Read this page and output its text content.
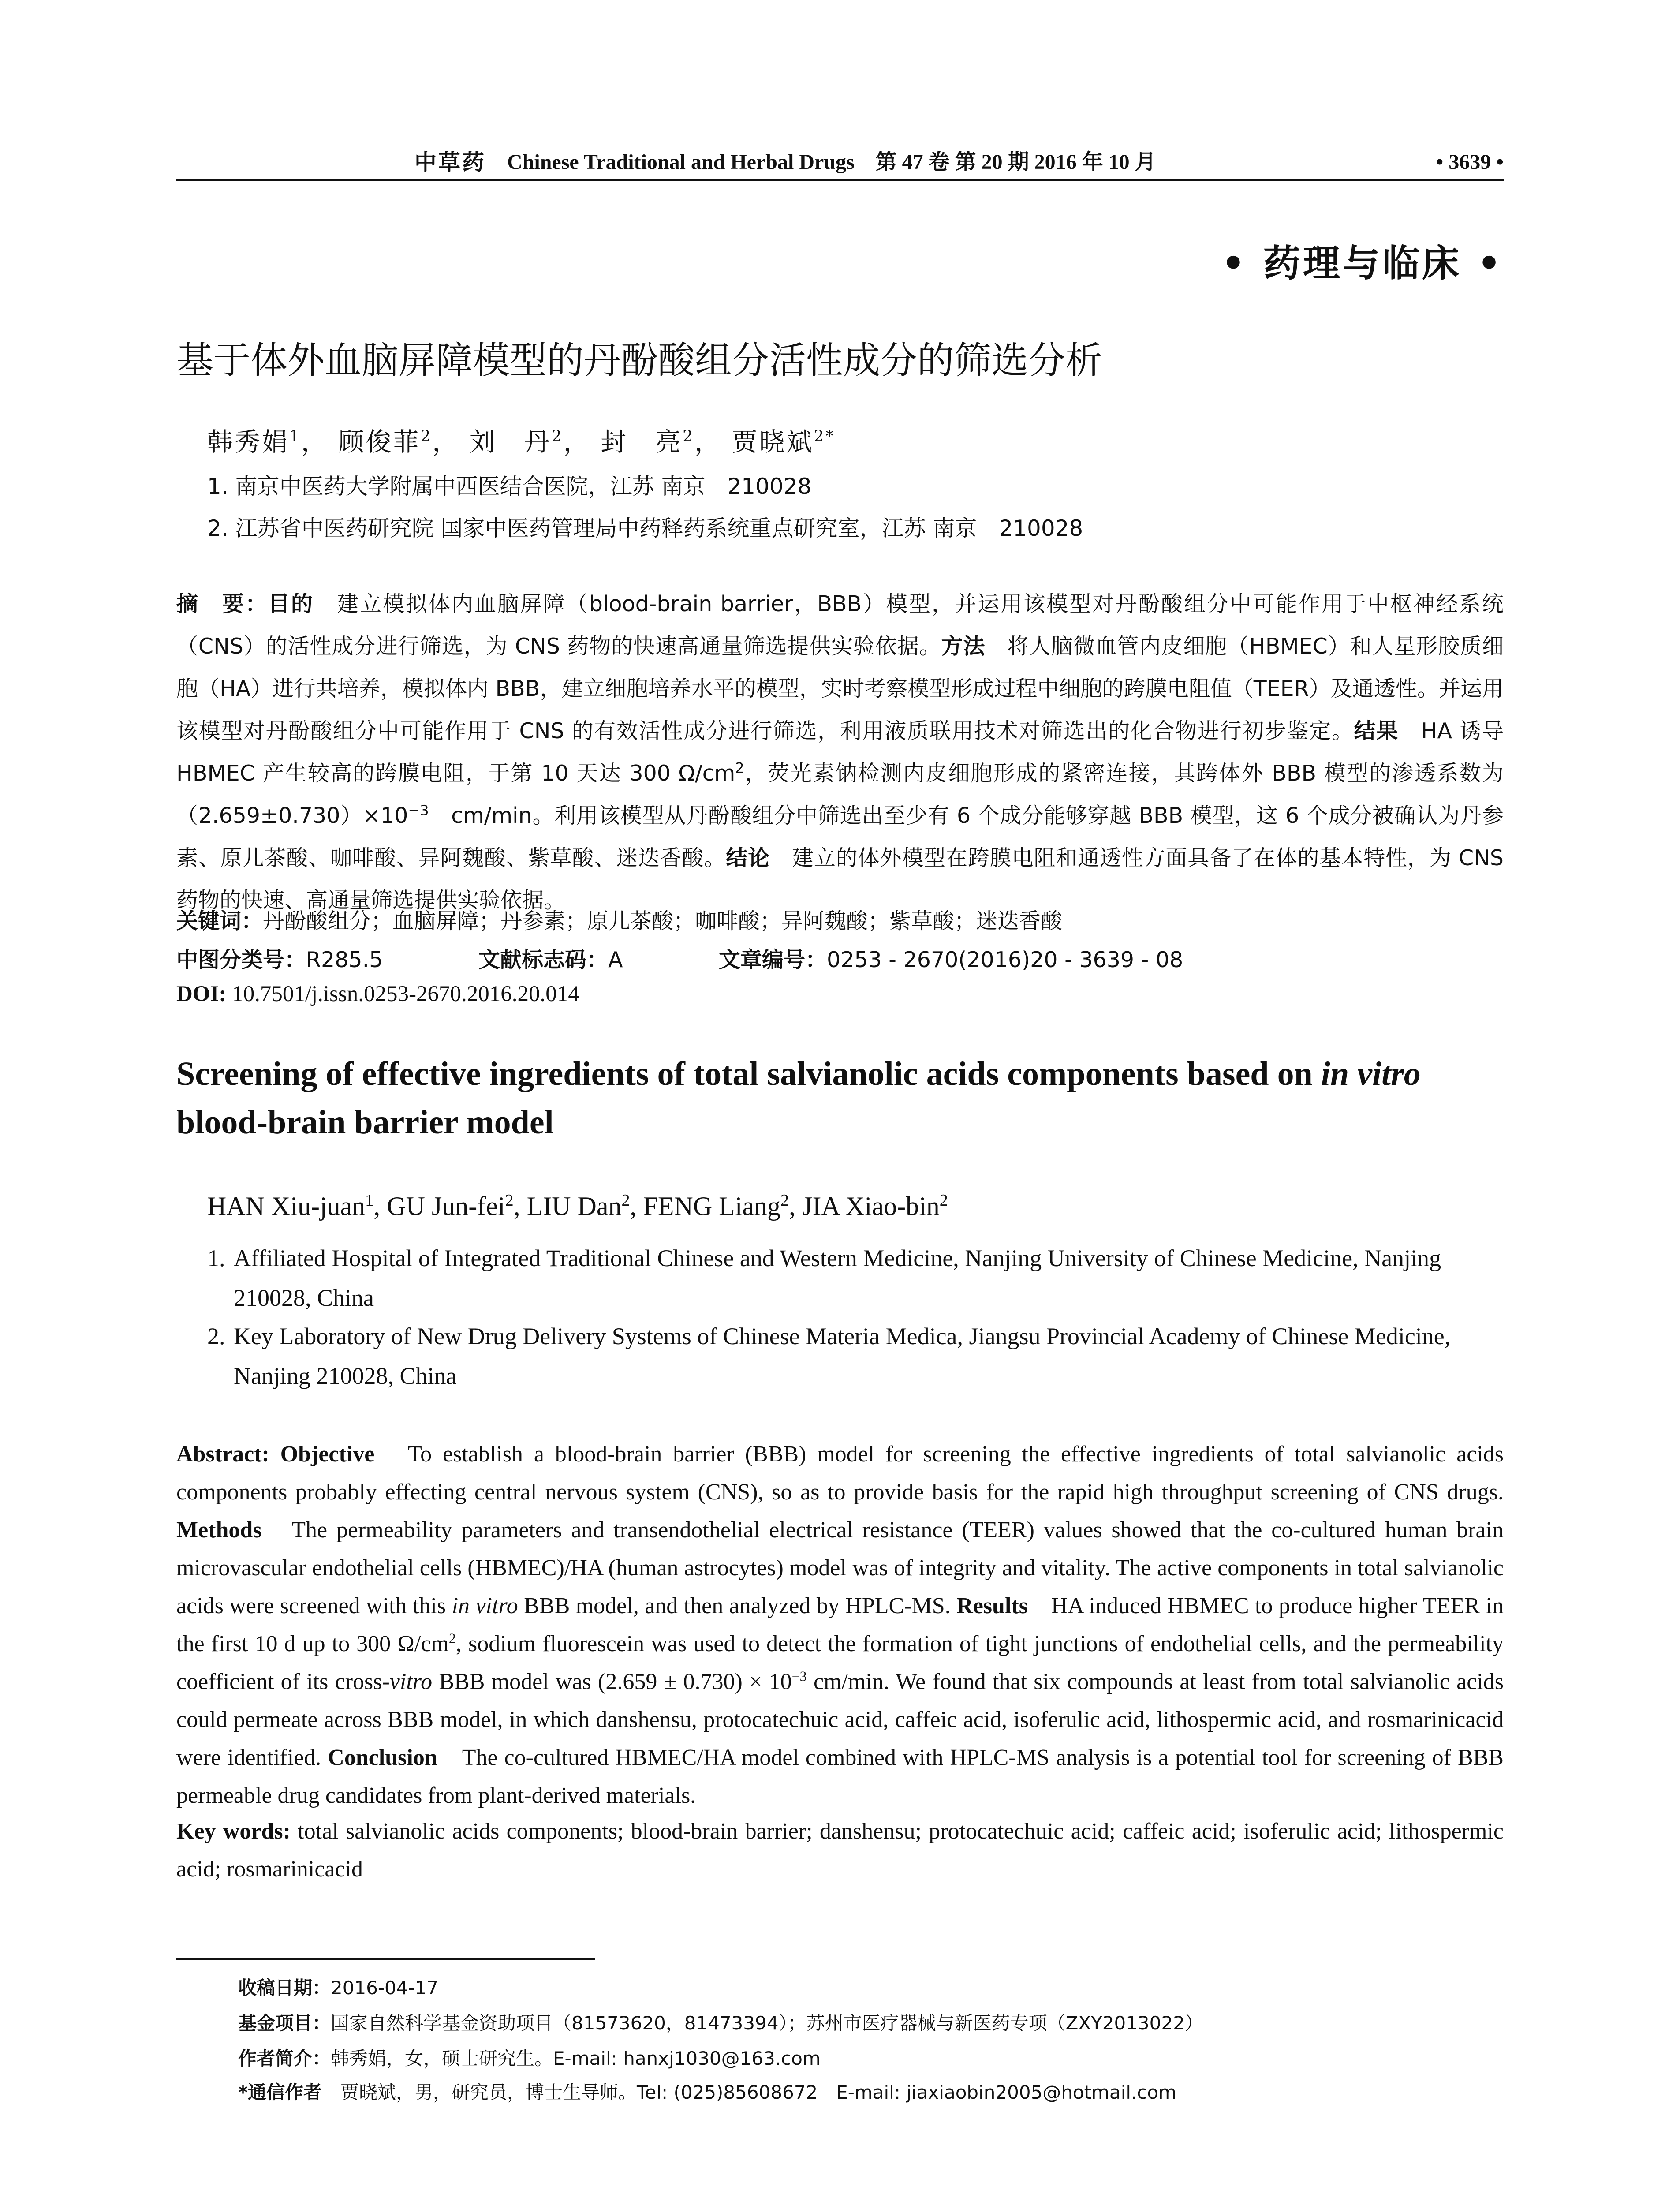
中草药 Chinese Traditional and Herbal Drugs　第 47 卷 第 20 期 2016 年 10 月	• 3639 •
• 药理与临床 •
基于体外血脑屏障模型的丹酚酸组分活性成分的筛选分析
韩秀娟$^1$， 顾俊菲$^2$， 刘　丹$^2$， 封　亮$^2$， 贾晓斌$^{2*}$
1. 南京中医药大学附属中西医结合医院，江苏 南京　210028
2. 江苏省中医药研究院 国家中医药管理局中药释药系统重点研究室，江苏 南京　210028
摘　要：目的　建立模拟体内血脑屏障（blood-brain barrier，BBB）模型，并运用该模型对丹酚酸组分中可能作用于中枢神经系统（CNS）的活性成分进行筛选，为 CNS 药物的快速高通量筛选提供实验依据。方法　将人脑微血管内皮细胞（HBMEC）和人星形胶质细胞（HA）进行共培养，模拟体内 BBB，建立细胞培养水平的模型，实时考察模型形成过程中细胞的跨膜电阻值（TEER）及通透性。并运用该模型对丹酚酸组分中可能作用于 CNS 的有效活性成分进行筛选，利用液质联用技术对筛选出的化合物进行初步鉴定。结果　HA 诱导 HBMEC 产生较高的跨膜电阻，于第 10 天达 300 $\Omega/cm^2$，荧光素钠检测内皮细胞形成的紧密连接，其跨体外 BBB 模型的渗透系数为$(2.659\pm 0.730)\times 10^{-3}$　cm/min。利用该模型从丹酚酸组分中筛选出至少有 6 个成分能够穿越 BBB 模型，这 6 个成分被确认为丹参素、原儿茶酸、咖啡酸、异阿魏酸、紫草酸、迷迭香酸。结论　建立的体外模型在跨膜电阻和通透性方面具备了在体的基本特性，为 CNS 药物的快速、高通量筛选提供实验依据。
关键词：丹酚酸组分；血脑屏障；丹参素；原儿茶酸；咖啡酸；异阿魏酸；紫草酸；迷迭香酸
中图分类号：R285.5	文献标志码：A	文章编号：0253 - 2670(2016)20 - 3639 - 08
DOI: 10.7501/j.issn.0253-2670.2016.20.014
Screening of effective ingredients of total salvianolic acids components based on in vitro blood-brain barrier model
HAN Xiu-juan$^1$, GU Jun-fei$^2$, LIU Dan$^2$, FENG Liang$^2$, JIA Xiao-bin$^2$
1. Affiliated Hospital of Integrated Traditional Chinese and Western Medicine, Nanjing University of Chinese Medicine, Nanjing
210028, China
2. Key Laboratory of New Drug Delivery Systems of Chinese Materia Medica, Jiangsu Provincial Academy of Chinese Medicine,
Nanjing 210028, China
Abstract: Objective　To establish a blood-brain barrier (BBB) model for screening the effective ingredients of total salvianolic acids components probably effecting central nervous system (CNS), so as to provide basis for the rapid high throughput screening of CNS drugs. Methods　The permeability parameters and transendothelial electrical resistance (TEER) values showed that the co-cultured human brain microvascular endothelial cells (HBMEC)/HA (human astrocytes) model was of integrity and vitality. The active components in total salvianolic acids were screened with this in vitro BBB model, and then analyzed by HPLC-MS. Results　HA induced HBMEC to produce higher TEER in the first 10 d up to 300 $\Omega/cm^2$, sodium fluorescein was used to detect the formation of tight junctions of endothelial cells, and the permeability coefficient of its cross-vitro BBB model was $(2.659 \pm 0.730) \times 10^{-3}$ cm/min. We found that six compounds at least from total salvianolic acids could permeate across BBB model, in which danshensu, protocatechuic acid, caffeic acid, isoferulic acid, lithospermic acid, and rosmarinicacid were identified. Conclusion　The co-cultured HBMEC/HA model combined with HPLC-MS analysis is a potential tool for screening of BBB permeable drug candidates from plant-derived materials.
Key words: total salvianolic acids components; blood-brain barrier; danshensu; protocatechuic acid; caffeic acid; isoferulic acid; lithospermic acid; rosmarinicacid
收稿日期：2016-04-17
基金项目：国家自然科学基金资助项目（81573620，81473394）；苏州市医疗器械与新医药专项（ZXY2013022）
作者简介：韩秀娟，女，硕士研究生。E-mail: hanxj1030@163.com
*通信作者　贾晓斌，男，研究员，博士生导师。Tel: (025)85608672　E-mail: jiaxiaobin2005@hotmail.com
